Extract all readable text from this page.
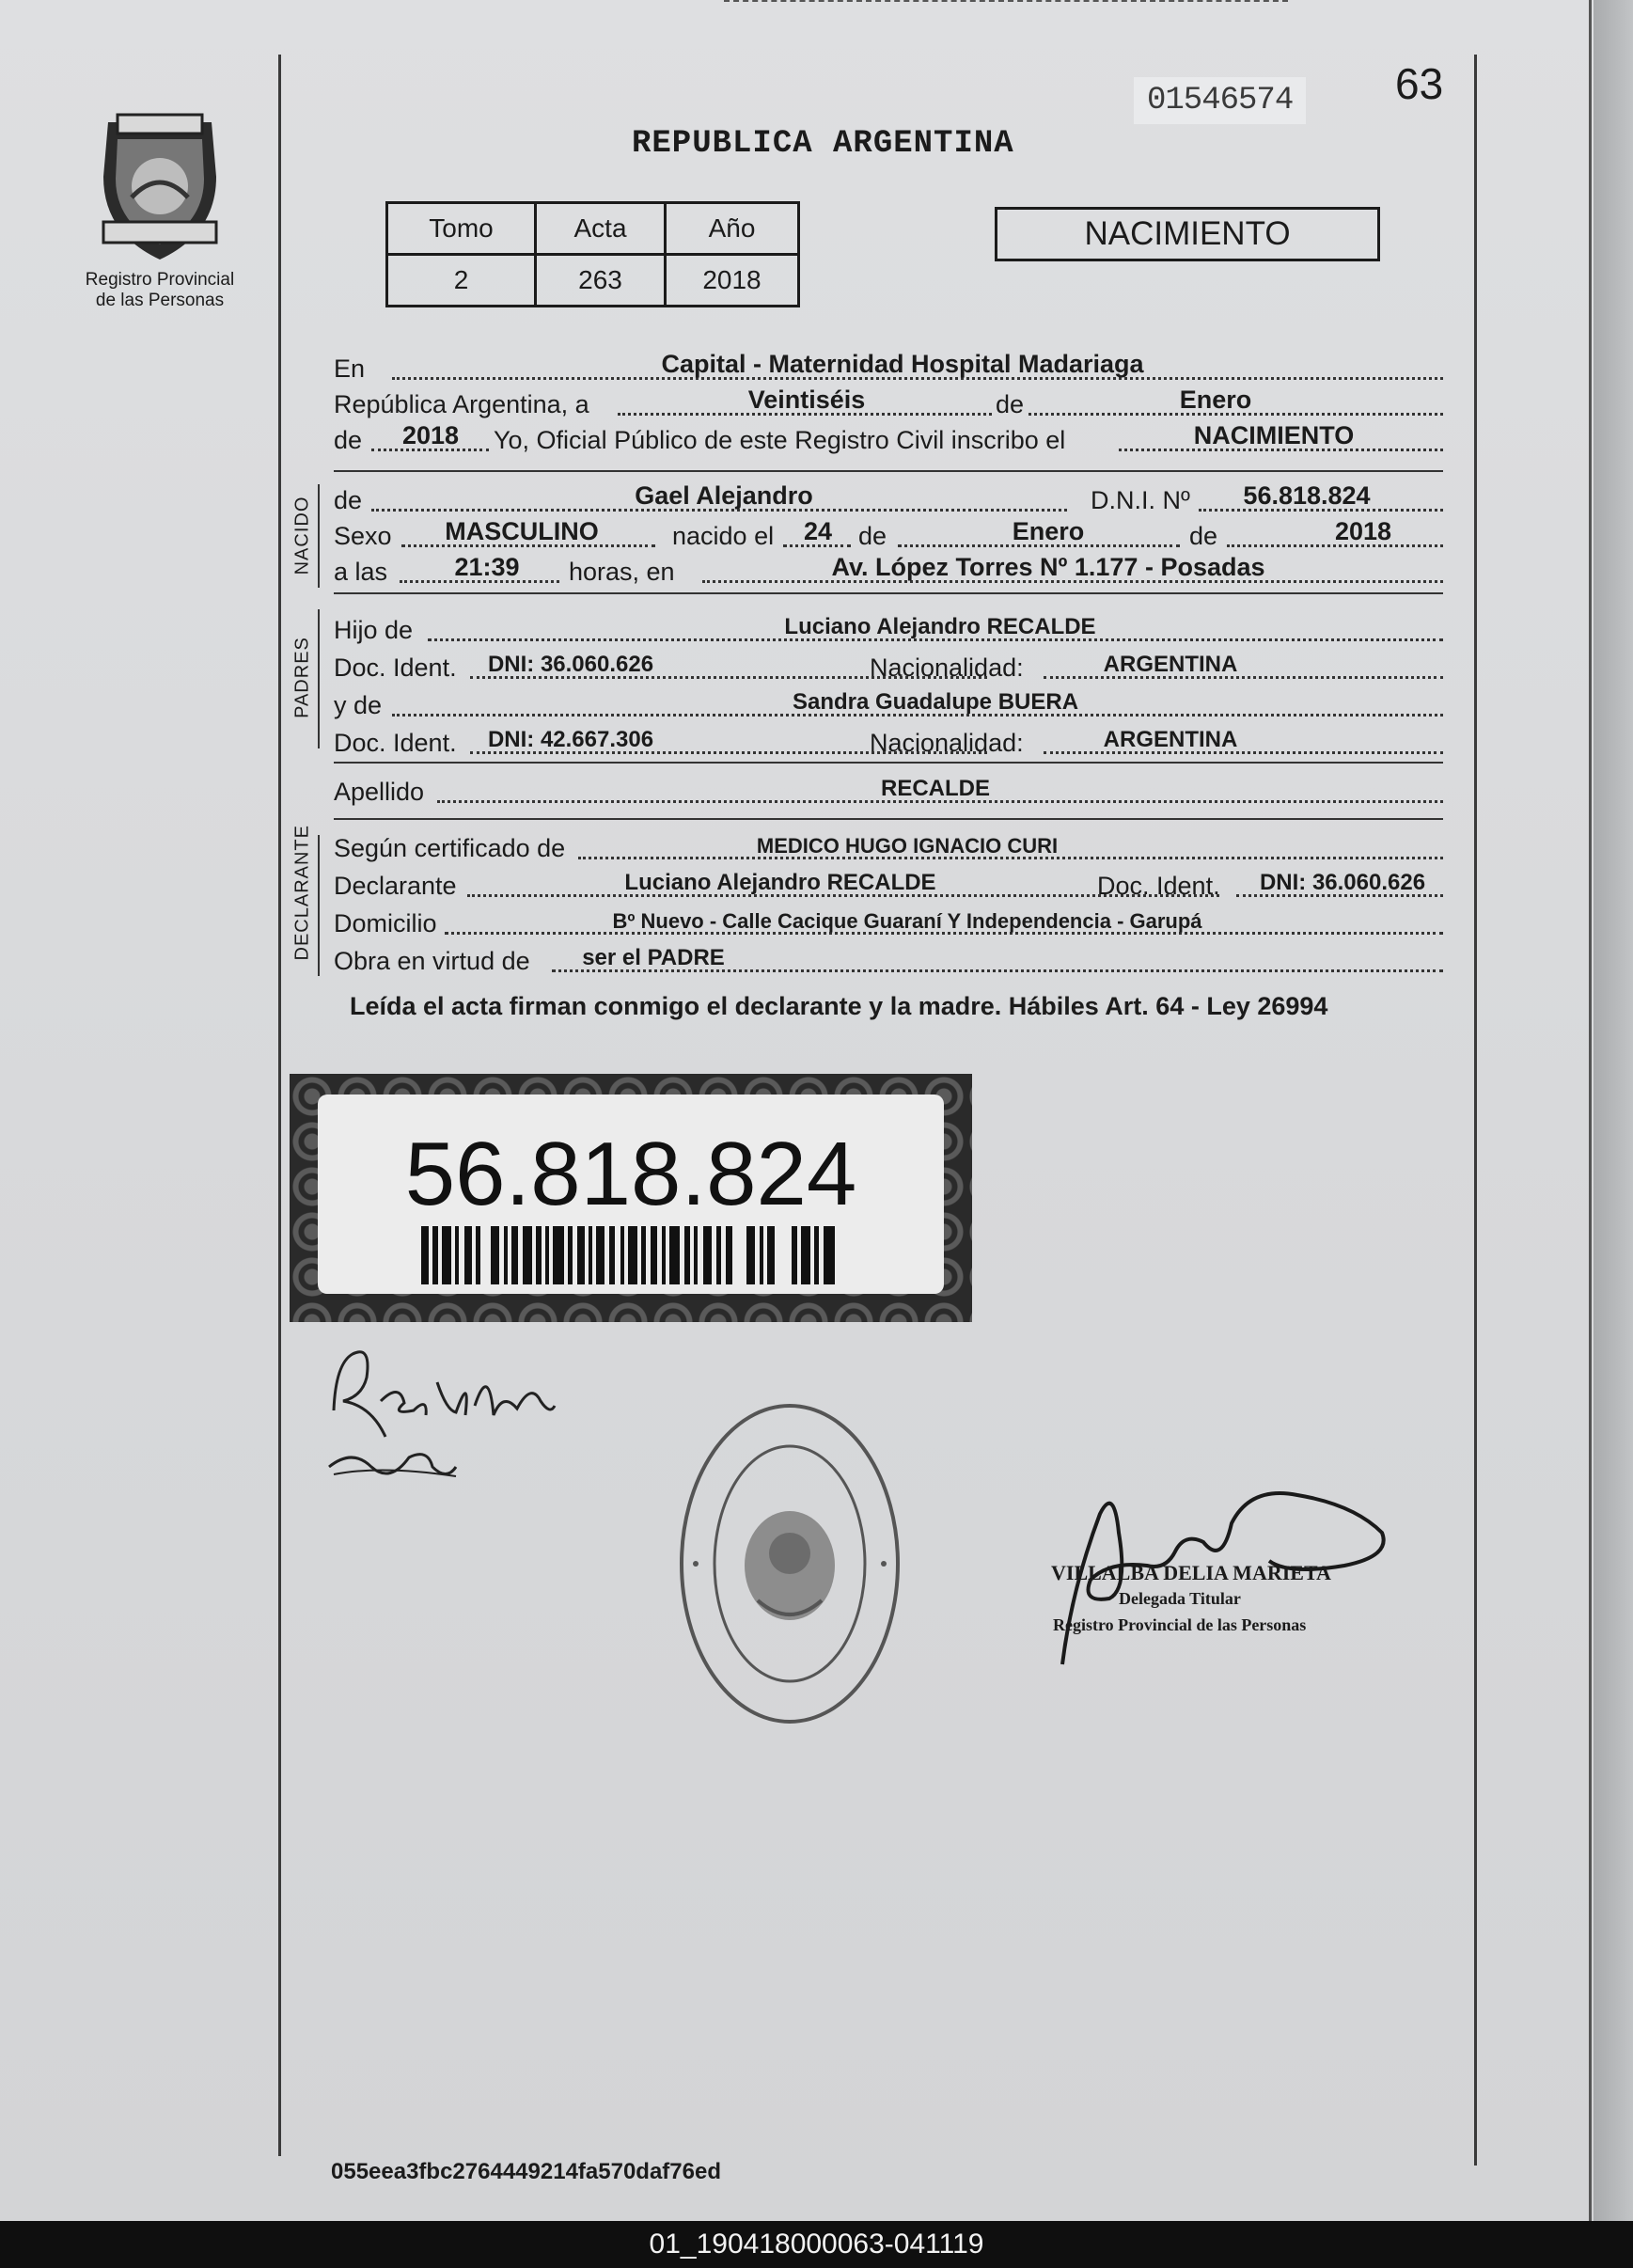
Registro Provincial
de las Personas
REPUBLICA ARGENTINA
01546574	63
Tomo	Acta	Año
2	263	2018
NACIMIENTO
En	Capital - Maternidad Hospital Madariaga
República Argentina, a	Veintiséis	de	Enero
de 2018 Yo, Oficial Público de este Registro Civil inscribo el	NACIMIENTO
NACIDO de	Gael Alejandro	D.N.I. Nº 56.818.824
Sexo MASCULINO	nacido el 24 de	Enero	de	2018
a las	21:39 horas, en	Av. López Torres Nº 1.177 - Posadas
PADRES
Hijo de	Luciano Alejandro RECALDE
Doc. Ident. DNI: 36.060.626	Nacionalidad:	ARGENTINA
y de	Sandra Guadalupe BUERA
Doc. Ident. DNI: 42.667.306	Nacionalidad:	ARGENTINA
Apellido	RECALDE
DECLARANTE Según certificado de	MEDICO HUGO IGNACIO CURI
Declarante	Luciano Alejandro RECALDE	Doc. Ident. DNI: 36.060.626
Domicilio	Bº Nuevo - Calle Cacique Guaraní Y Independencia - Garupá
Obra en virtud de ser el PADRE
Leída el acta firman conmigo el declarante y la madre. Hábiles Art. 64 - Ley 26994
56.818.824
VILLALBA DELIA MARIETA
Delegada Titular
Registro Provincial de las Personas
055eea3fbc2764449214fa570daf76ed
01_190418000063-041119
